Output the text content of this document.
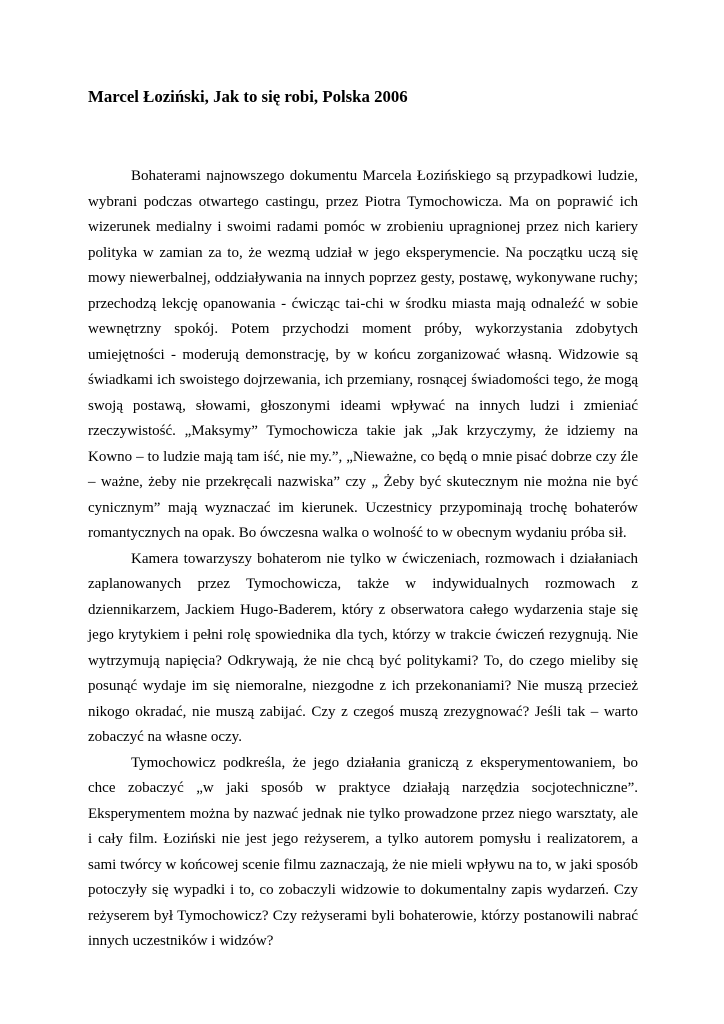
Marcel Łoziński, Jak to się robi, Polska 2006

Bohaterami najnowszego dokumentu Marcela Łozińskiego są przypadkowi ludzie, wybrani podczas otwartego castingu, przez Piotra Tymochowicza. Ma on poprawić ich wizerunek medialny i swoimi radami pomóc w zrobieniu upragnionej przez nich kariery polityka w zamian za to, że wezmą udział w jego eksperymencie. Na początku uczą się mowy niewerbalnej, oddziaływania na innych poprzez gesty, postawę, wykonywane ruchy; przechodzą lekcję opanowania - ćwicząc tai-chi w środku miasta mają odnaleźć w sobie wewnętrzny spokój. Potem przychodzi moment próby, wykorzystania zdobytych umiejętności - moderują demonstrację, by w końcu zorganizować własną. Widzowie są świadkami ich swoistego dojrzewania, ich przemiany, rosnącej świadomości tego, że mogą swoją postawą, słowami, głoszonymi ideami wpływać na innych ludzi i zmieniać rzeczywistość. „Maksymy” Tymochowicza takie jak „Jak krzyczymy, że idziemy na Kowno – to ludzie mają tam iść, nie my.”, „Nieważne, co będą o mnie pisać dobrze czy źle – ważne, żeby nie przekręcali nazwiska” czy „ Żeby być skutecznym nie można nie być cynicznym” mają wyznaczać im kierunek. Uczestnicy przypominają trochę bohaterów romantycznych na opak. Bo ówczesna walka o wolność to w obecnym wydaniu próba sił.

Kamera towarzyszy bohaterom nie tylko w ćwiczeniach, rozmowach i działaniach zaplanowanych przez Tymochowicza, także w indywidualnych rozmowach z dziennikarzem, Jackiem Hugo-Baderem, który z obserwatora całego wydarzenia staje się jego krytykiem i pełni rolę spowiednika dla tych, którzy w trakcie ćwiczeń rezygnują. Nie wytrzymują napięcia? Odkrywają, że nie chcą być politykami? To, do czego mieliby się posunąć wydaje im się niemoralne, niezgodne z ich przekonaniami? Nie muszą przecież nikogo okradać, nie muszą zabijać. Czy z czegoś muszą zrezygnować? Jeśli tak – warto zobaczyć na własne oczy.

Tymochowicz podkreśla, że jego działania graniczą z eksperymentowaniem, bo chce zobaczyć „w jaki sposób w praktyce działają narzędzia socjotechniczne”. Eksperymentem można by nazwać jednak nie tylko prowadzone przez niego warsztaty, ale i cały film. Łoziński nie jest jego reżyserem, a tylko autorem pomysłu i realizatorem, a sami twórcy w końcowej scenie filmu zaznaczają, że nie mieli wpływu na to, w jaki sposób potoczyły się wypadki i to, co zobaczyli widzowie to dokumentalny zapis wydarzeń. Czy reżyserem był Tymochowicz? Czy reżyserami byli bohaterowie, którzy postanowili nabrać innych uczestników i widzów?
